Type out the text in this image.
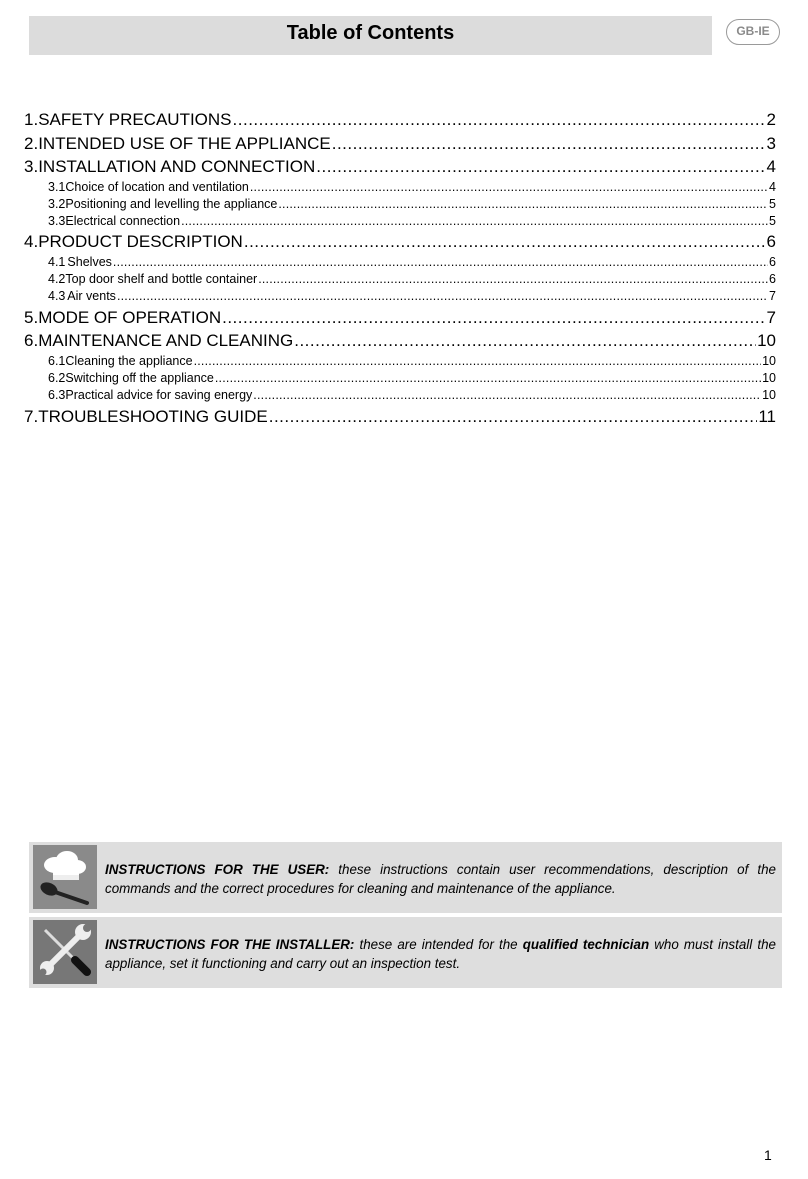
Table of Contents	GB-IE
1. SAFETY PRECAUTIONS .....	2
2. INTENDED USE OF THE APPLIANCE .....	3
3. INSTALLATION AND CONNECTION .....	4
3.1 Choice of location and ventilation .....	4
3.2 Positioning and levelling the appliance .....	5
3.3 Electrical connection .....	5
4. PRODUCT DESCRIPTION .....	6
4.1 Shelves .....	6
4.2 Top door shelf and bottle container .....	6
4.3 Air vents .....	7
5. MODE OF OPERATION .....	7
6. MAINTENANCE AND CLEANING .....	10
6.1 Cleaning the appliance .....	10
6.2 Switching off the appliance .....	10
6.3 Practical advice for saving energy .....	10
7. TROUBLESHOOTING GUIDE .....	11
INSTRUCTIONS FOR THE USER: these instructions contain user recommendations, description of the commands and the correct procedures for cleaning and maintenance of the appliance.
INSTRUCTIONS FOR THE INSTALLER: these are intended for the qualified technician who must install the appliance, set it functioning and carry out an inspection test.
1
